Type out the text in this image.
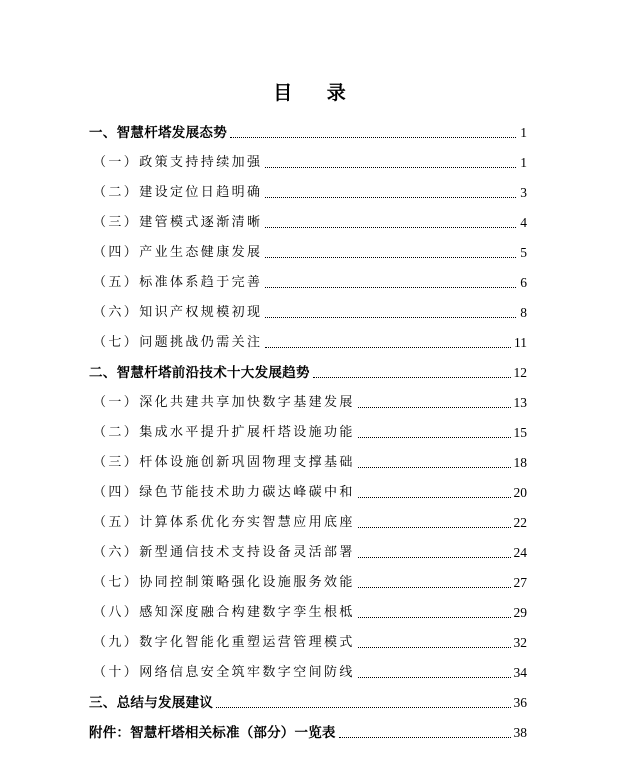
目 录
一、智慧杆塔发展态势	1
（一）政策支持持续加强	1
（二）建设定位日趋明确	3
（三）建管模式逐渐清晰	4
（四）产业生态健康发展	5
（五）标准体系趋于完善	6
（六）知识产权规模初现	8
（七）问题挑战仍需关注	11
二、智慧杆塔前沿技术十大发展趋势	12
（一）深化共建共享加快数字基建发展	13
（二）集成水平提升扩展杆塔设施功能	15
（三）杆体设施创新巩固物理支撑基础	18
（四）绿色节能技术助力碳达峰碳中和	20
（五）计算体系优化夯实智慧应用底座	22
（六）新型通信技术支持设备灵活部署	24
（七）协同控制策略强化设施服务效能	27
（八）感知深度融合构建数字孪生根柢	29
（九）数字化智能化重塑运营管理模式	32
（十）网络信息安全筑牢数字空间防线	34
三、总结与发展建议	36
附件：智慧杆塔相关标准（部分）一览表	38
